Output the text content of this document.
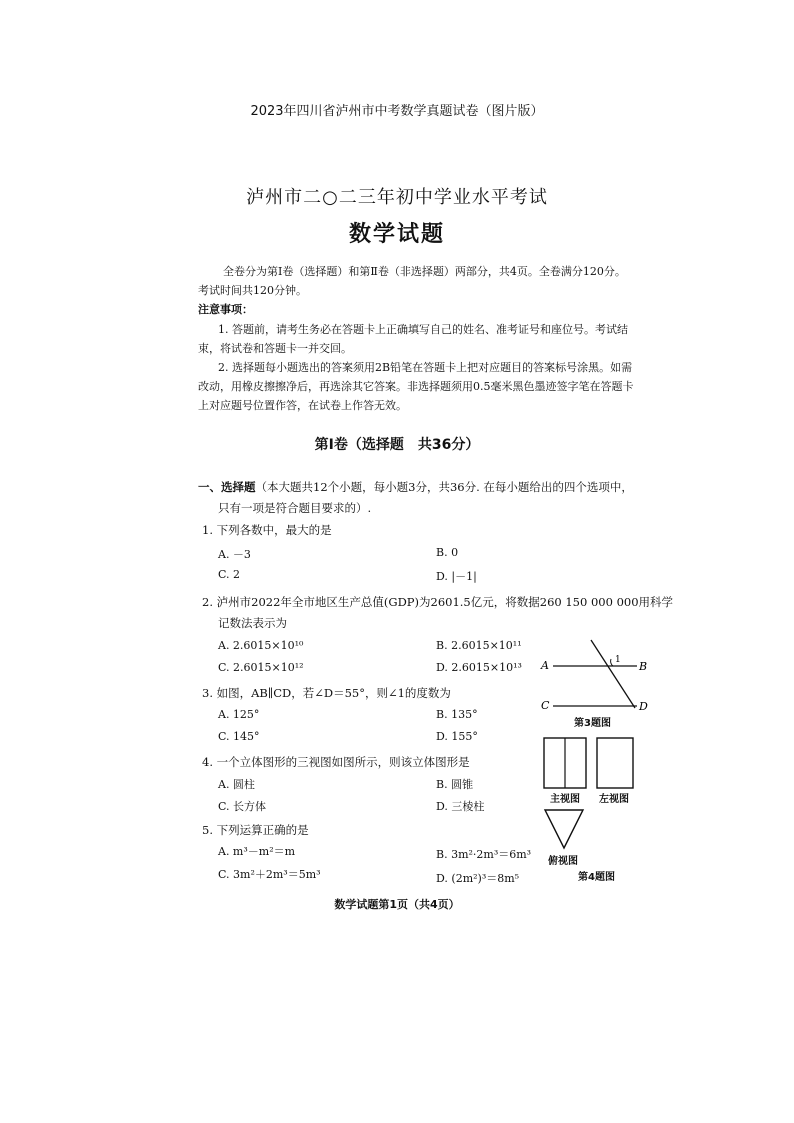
2023年四川省泸州市中考数学真题试卷（图片版）
泸州市二○二三年初中学业水平考试
数学试题
全卷分为第Ⅰ卷（选择题）和第Ⅱ卷（非选择题）两部分，共4页。全卷满分120分。
考试时间共120分钟。
注意事项：
1. 答题前，请考生务必在答题卡上正确填写自己的姓名、准考证号和座位号。考试结
束，将试卷和答题卡一并交回。
2. 选择题每小题选出的答案须用2B铅笔在答题卡上把对应题目的答案标号涂黑。如需
改动，用橡皮擦擦净后，再选涂其它答案。非选择题须用0.5毫米黑色墨迹签字笔在答题卡
上对应题号位置作答，在试卷上作答无效。
第Ⅰ卷（选择题　共36分）
一、选择题（本大题共12个小题，每小题3分，共36分. 在每小题给出的四个选项中，
只有一项是符合题目要求的）.
1. 下列各数中，最大的是
A. －3	B. 0
C. 2	D. |－1|
2. 泸州市2022年全市地区生产总值(GDP)为2601.5亿元，将数据260 150 000 000用科学
记数法表示为
A. 2.6015×10¹⁰	B. 2.6015×10¹¹
C. 2.6015×10¹²	D. 2.6015×10¹³
3. 如图，AB∥CD，若∠D＝55°，则∠1的度数为
A. 125°	B. 135°
C. 145°	D. 155°
4. 一个立体图形的三视图如图所示，则该立体图形是
A. 圆柱	B. 圆锥
C. 长方体	D. 三棱柱
5. 下列运算正确的是
A. m³－m²＝m	B. 3m²·2m³＝6m³
C. 3m²＋2m³＝5m³	D. (2m²)³＝8m⁵
A	B
C	D
1
第3题图
主视图 左视图
俯视图
第4题图
数学试题第1页（共4页）
